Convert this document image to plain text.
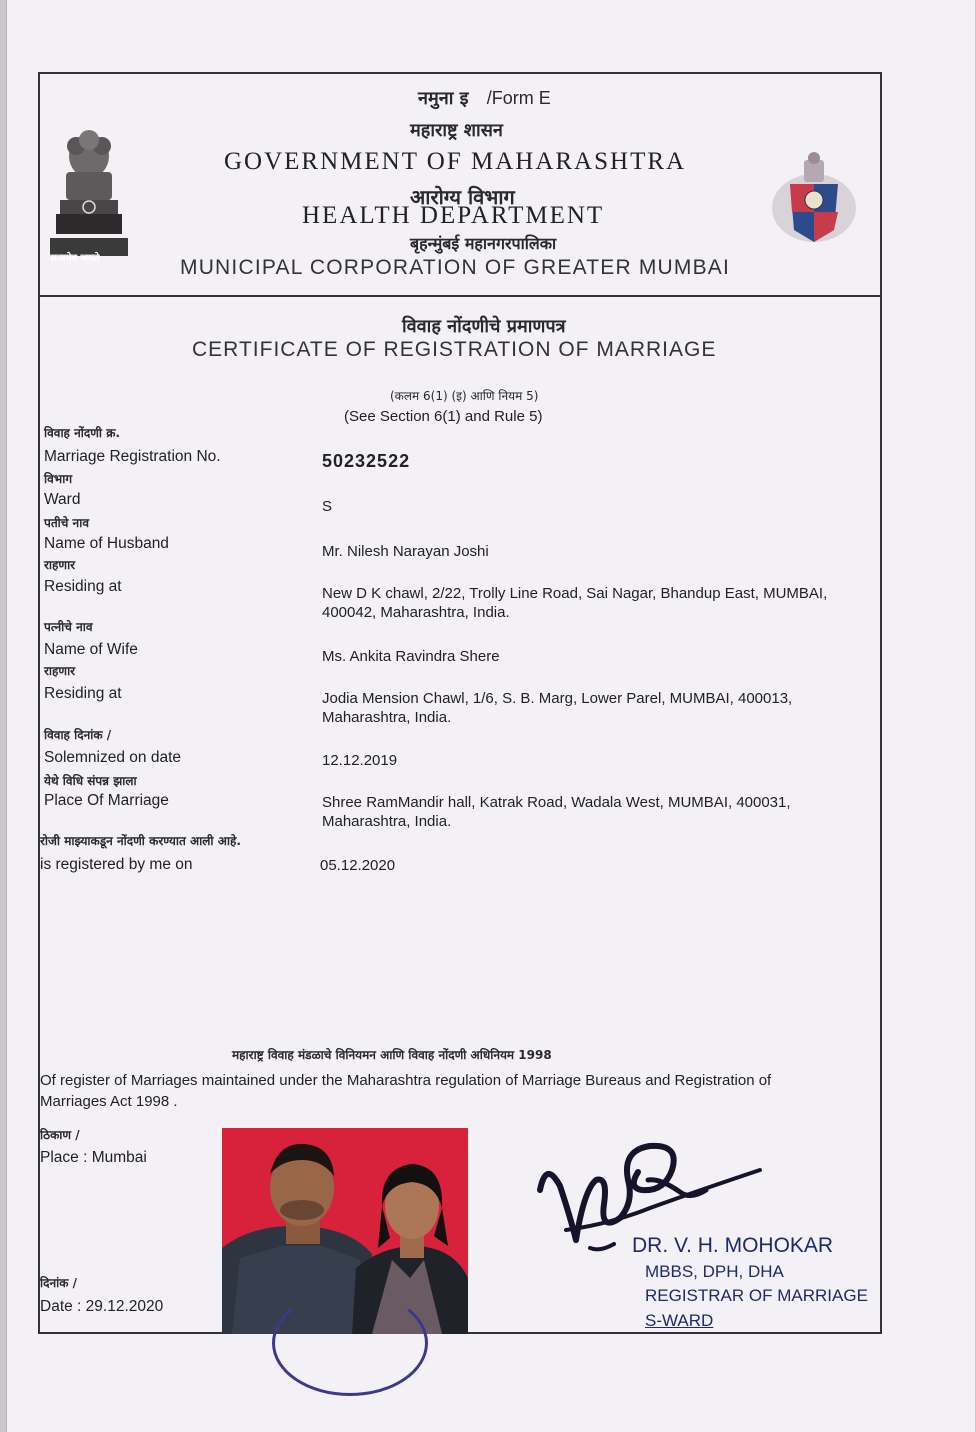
सत्यमेव जयते
नमुना इ /Form E
महाराष्ट्र शासन
GOVERNMENT OF MAHARASHTRA
आरोग्य विभाग
HEALTH DEPARTMENT
बृहन्मुंबई महानगरपालिका
MUNICIPAL CORPORATION OF GREATER MUMBAI
विवाह नोंदणीचे प्रमाणपत्र
CERTIFICATE OF REGISTRATION OF MARRIAGE
(कलम 6(1) (इ) आणि नियम 5)
(See Section 6(1) and Rule 5)
विवाह नोंदणी क्र.
Marriage Registration No.	50232522
विभाग
Ward	S
पतीचे नाव
Name of Husband	Mr. Nilesh Narayan Joshi
राहणार
Residing at	New D K chawl, 2/22, Trolly Line Road, Sai Nagar, Bhandup East, MUMBAI, 400042, Maharashtra, India.
पत्नीचे नाव
Name of Wife	Ms. Ankita Ravindra Shere
राहणार
Residing at	Jodia Mension Chawl, 1/6, S. B. Marg, Lower Parel, MUMBAI, 400013, Maharashtra, India.
विवाह दिनांक /
Solemnized on date	12.12.2019
येथे विधि संपन्न झाला
Place Of Marriage	Shree RamMandir hall, Katrak Road, Wadala West, MUMBAI, 400031, Maharashtra, India.
रोजी माझ्याकडून नोंदणी करण्यात आली आहे.
is registered by me on	05.12.2020
महाराष्ट्र विवाह मंडळाचे विनियमन आणि विवाह नोंदणी अधिनियम 1998
Of register of Marriages maintained under the Maharashtra regulation of Marriage Bureaus and Registration of Marriages Act 1998 .
ठिकाण /
Place : Mumbai
दिनांक /
Date : 29.12.2020
DR. V. H. MOHOKAR
MBBS, DPH, DHA
REGISTRAR OF MARRIAGE
S-WARD
